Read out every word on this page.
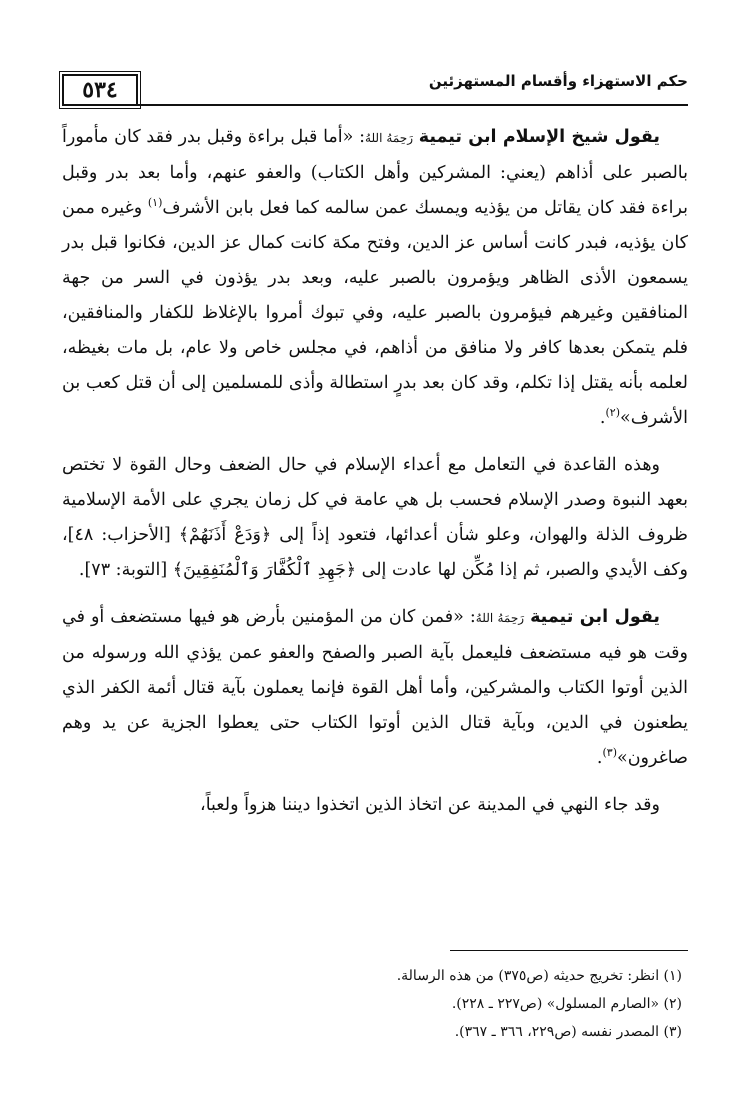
٥٣٤	حكم الاستهزاء وأقسام المستهزئين

يقول شيخ الإسلام ابن تيمية رَحِمَهُ اللهُ: «أما قبل براءة وقبل بدر فقد كان مأموراً بالصبر على أذاهم (يعني: المشركين وأهل الكتاب) والعفو عنهم، وأما بعد بدر وقبل براءة فقد كان يقاتل من يؤذيه ويمسك عمن سالمه كما فعل بابن الأشرف$^{(١)}$ وغيره ممن كان يؤذيه، فبدر كانت أساس عز الدين، وفتح مكة كانت كمال عز الدين، فكانوا قبل بدر يسمعون الأذى الظاهر ويؤمرون بالصبر عليه، وبعد بدر يؤذون في السر من جهة المنافقين وغيرهم فيؤمرون بالصبر عليه، وفي تبوك أمروا بالإغلاظ للكفار والمنافقين، فلم يتمكن بعدها كافر ولا منافق من أذاهم، في مجلس خاص ولا عام، بل مات بغيظه، لعلمه بأنه يقتل إذا تكلم، وقد كان بعد بدرٍ استطالة وأذى للمسلمين إلى أن قتل كعب بن الأشرف»$^{(٢)}$.

وهذه القاعدة في التعامل مع أعداء الإسلام في حال الضعف وحال القوة لا تختص بعهد النبوة وصدر الإسلام فحسب بل هي عامة في كل زمان يجري على الأمة الإسلامية ظروف الذلة والهوان، وعلو شأن أعدائها، فتعود إذاً إلى ﴿وَدَعْ أَذَنَهُمْ﴾ [الأحزاب: ٤٨]، وكف الأيدي والصبر، ثم إذا مُكِّن لها عادت إلى ﴿جَهِدِ ٱلْكُفَّارَ وَٱلْمُنَفِقِينَ﴾ [التوبة: ٧٣].

يقول ابن تيمية رَحِمَهُ اللهُ: «فمن كان من المؤمنين بأرض هو فيها مستضعف أو في وقت هو فيه مستضعف فليعمل بآية الصبر والصفح والعفو عمن يؤذي الله ورسوله من الذين أوتوا الكتاب والمشركين، وأما أهل القوة فإنما يعملون بآية قتال أئمة الكفر الذي يطعنون في الدين، وبآية قتال الذين أوتوا الكتاب حتى يعطوا الجزية عن يد وهم صاغرون»$^{(٣)}$.

وقد جاء النهي في المدينة عن اتخاذ الذين اتخذوا ديننا هزواً ولعباً،

(١) انظر: تخريج حديثه (ص٣٧٥) من هذه الرسالة.
(٢) «الصارم المسلول» (ص٢٢٧ ـ ٢٢٨).
(٣) المصدر نفسه (ص٢٢٩، ٣٦٦ ـ ٣٦٧).
